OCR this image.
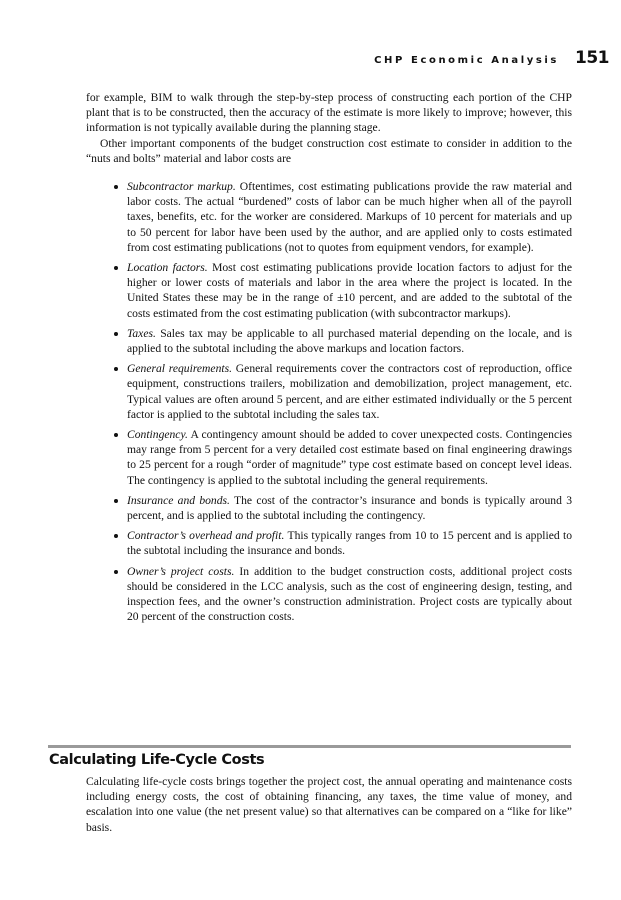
CHP Economic Analysis 151

for example, BIM to walk through the step-by-step process of constructing each portion of the CHP plant that is to be constructed, then the accuracy of the estimate is more likely to improve; however, this information is not typically available during the planning stage.

Other important components of the budget construction cost estimate to consider in addition to the “nuts and bolts” material and labor costs are

Subcontractor markup. Oftentimes, cost estimating publications provide the raw material and labor costs. The actual “burdened” costs of labor can be much higher when all of the payroll taxes, benefits, etc. for the worker are considered. Markups of 10 percent for materials and up to 50 percent for labor have been used by the author, and are applied only to costs estimated from cost estimating publications (not to quotes from equipment vendors, for example).
Location factors. Most cost estimating publications provide location factors to adjust for the higher or lower costs of materials and labor in the area where the project is located. In the United States these may be in the range of ±10 percent, and are added to the subtotal of the costs estimated from the cost estimating publication (with subcontractor markups).
Taxes. Sales tax may be applicable to all purchased material depending on the locale, and is applied to the subtotal including the above markups and location factors.
General requirements. General requirements cover the contractors cost of reproduction, office equipment, constructions trailers, mobilization and demobilization, project management, etc. Typical values are often around 5 percent, and are either estimated individually or the 5 percent factor is applied to the subtotal including the sales tax.
Contingency. A contingency amount should be added to cover unexpected costs. Contingencies may range from 5 percent for a very detailed cost estimate based on final engineering drawings to 25 percent for a rough “order of magnitude” type cost estimate based on concept level ideas. The contingency is applied to the subtotal including the general requirements.
Insurance and bonds. The cost of the contractor’s insurance and bonds is typically around 3 percent, and is applied to the subtotal including the contingency.
Contractor’s overhead and profit. This typically ranges from 10 to 15 percent and is applied to the subtotal including the insurance and bonds.
Owner’s project costs. In addition to the budget construction costs, additional project costs should be considered in the LCC analysis, such as the cost of engineering design, testing, and inspection fees, and the owner’s construction administration. Project costs are typically about 20 percent of the construction costs.
Calculating Life-Cycle Costs

Calculating life-cycle costs brings together the project cost, the annual operating and maintenance costs including energy costs, the cost of obtaining financing, any taxes, the time value of money, and escalation into one value (the net present value) so that alternatives can be compared on a “like for like” basis.
